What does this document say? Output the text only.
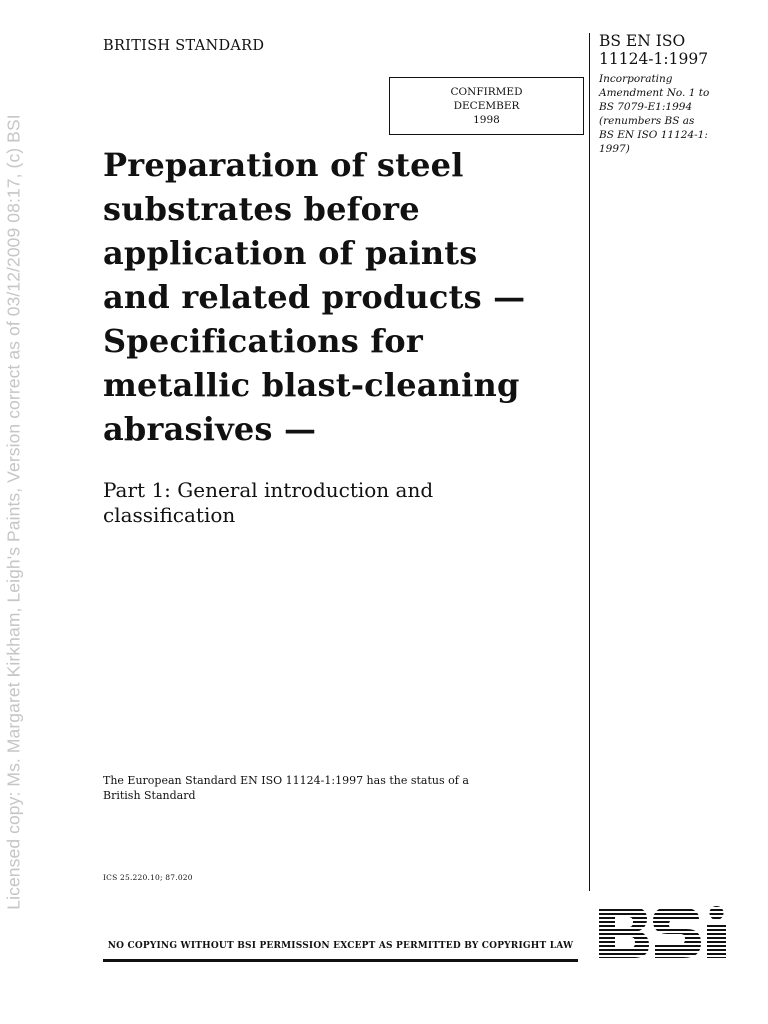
Licensed copy: Ms. Margaret Kirkham, Leigh's Paints, Version correct as of 03/12/2009 08:17, (c) BSI
BRITISH STANDARD
CONFIRMED
DECEMBER
1998
BS EN ISO
11124-1:1997
Incorporating
Amendment No. 1 to
BS 7079-E1:1994
(renumbers BS as
BS EN ISO 11124-1:
1997)
Preparation of steel
substrates before
application of paints
and related products —
Specifications for
metallic blast-cleaning
abrasives —
Part 1: General introduction and
classification
The European Standard EN ISO 11124-1:1997 has the status of a
British Standard
ICS 25.220.10; 87.020
NO COPYING WITHOUT BSI PERMISSION EXCEPT AS PERMITTED BY COPYRIGHT LAW
